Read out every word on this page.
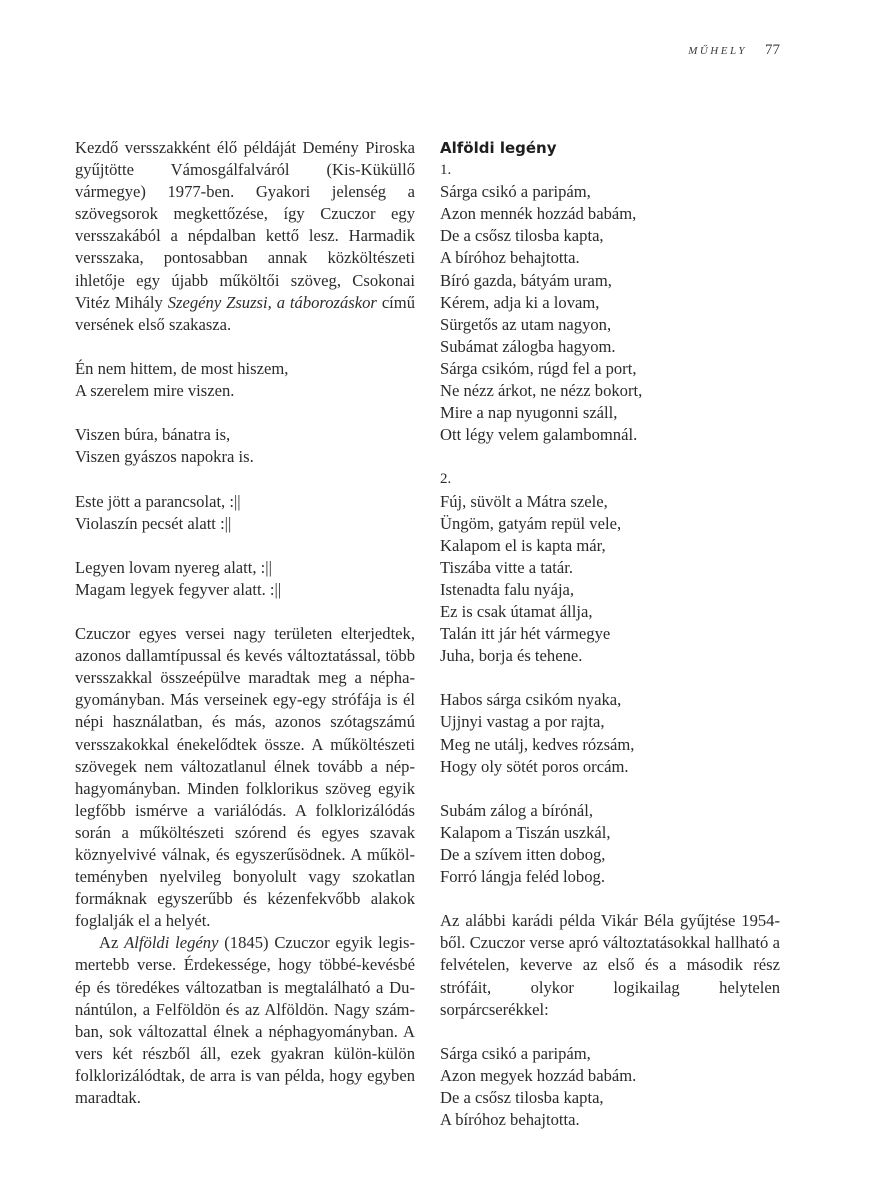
MŰHELY 77

Kezdő versszakként élő példáját Demény Piroska gyűjtötte Vámosgálfalváról (Kis-Küküllő vármegye) 1977-ben. Gyakori jelenség a szövegsorok megkettőzése, így Czuczor egy versszakából a népdalban kettő lesz. Harmadik versszaka, pontosabban annak közköltészeti ihletője egy újabb műköltői szöveg, Csokonai Vitéz Mihály Szegény Zsuzsi, a táborozáskor című versének első szakasza.

Én nem hittem, de most hiszem,
A szerelem mire viszen.
Viszen búra, bánatra is,
Viszen gyászos napokra is.
Este jött a parancsolat, :||
Violaszín pecsét alatt :||
Legyen lovam nyereg alatt, :||
Magam legyek fegyver alatt. :||

Czuczor egyes versei nagy területen elterjedtek, azonos dallamtípussal és kevés változtatással, több versszakkal összeépülve maradtak meg a néphagyományban. Más verseinek egy-egy strófája is él népi használatban, és más, azonos szótagszámú versszakokkal énekelődtek össze. A műköltészeti szövegek nem változatlanul élnek tovább a néphagyományban. Minden folklorikus szöveg egyik legfőbb ismérve a variálódás. A folklorizálódás során a műköltészeti szórend és egyes szavak köznyelvivé válnak, és egyszerűsödnek. A műkölteményben nyelvileg bonyolult vagy szokatlan formáknak egyszerűbb és kézenfekvőbb alakok foglalják el a helyét.

Az Alföldi legény (1845) Czuczor egyik legismertebb verse. Érdekessége, hogy többé-kevésbé ép és töredékes változatban is megtalálható a Dunántúlon, a Felföldön és az Alföldön. Nagy számban, sok változattal élnek a néphagyományban. A vers két részből áll, ezek gyakran külön-külön folklorizálódtak, de arra is van példa, hogy egyben maradtak.

Alföldi legény

1.

Sárga csikó a paripám,
Azon mennék hozzád babám,
De a csősz tilosba kapta,
A bíróhoz behajtotta.
Bíró gazda, bátyám uram,
Kérem, adja ki a lovam,
Sürgetős az utam nagyon,
Subámat zálogba hagyom.
Sárga csikóm, rúgd fel a port,
Ne nézz árkot, ne nézz bokort,
Mire a nap nyugonni száll,
Ott légy velem galambomnál.

2.

Fúj, süvölt a Mátra szele,
Üngöm, gatyám repül vele,
Kalapom el is kapta már,
Tiszába vitte a tatár.
Istenadta falu nyája,
Ez is csak útamat állja,
Talán itt jár hét vármegye
Juha, borja és tehene.
Habos sárga csikóm nyaka,
Ujjnyi vastag a por rajta,
Meg ne utálj, kedves rózsám,
Hogy oly sötét poros orcám.
Subám zálog a bírónál,
Kalapom a Tiszán uszkál,
De a szívem itten dobog,
Forró lángja feléd lobog.

Az alábbi karádi példa Vikár Béla gyűjtése 1954-ből. Czuczor verse apró változtatásokkal hallható a felvételen, keverve az első és a második rész strófáit, olykor logikailag helytelen sorpárcserékkel:

Sárga csikó a paripám,
Azon megyek hozzád babám.
De a csősz tilosba kapta,
A bíróhoz behajtotta.
